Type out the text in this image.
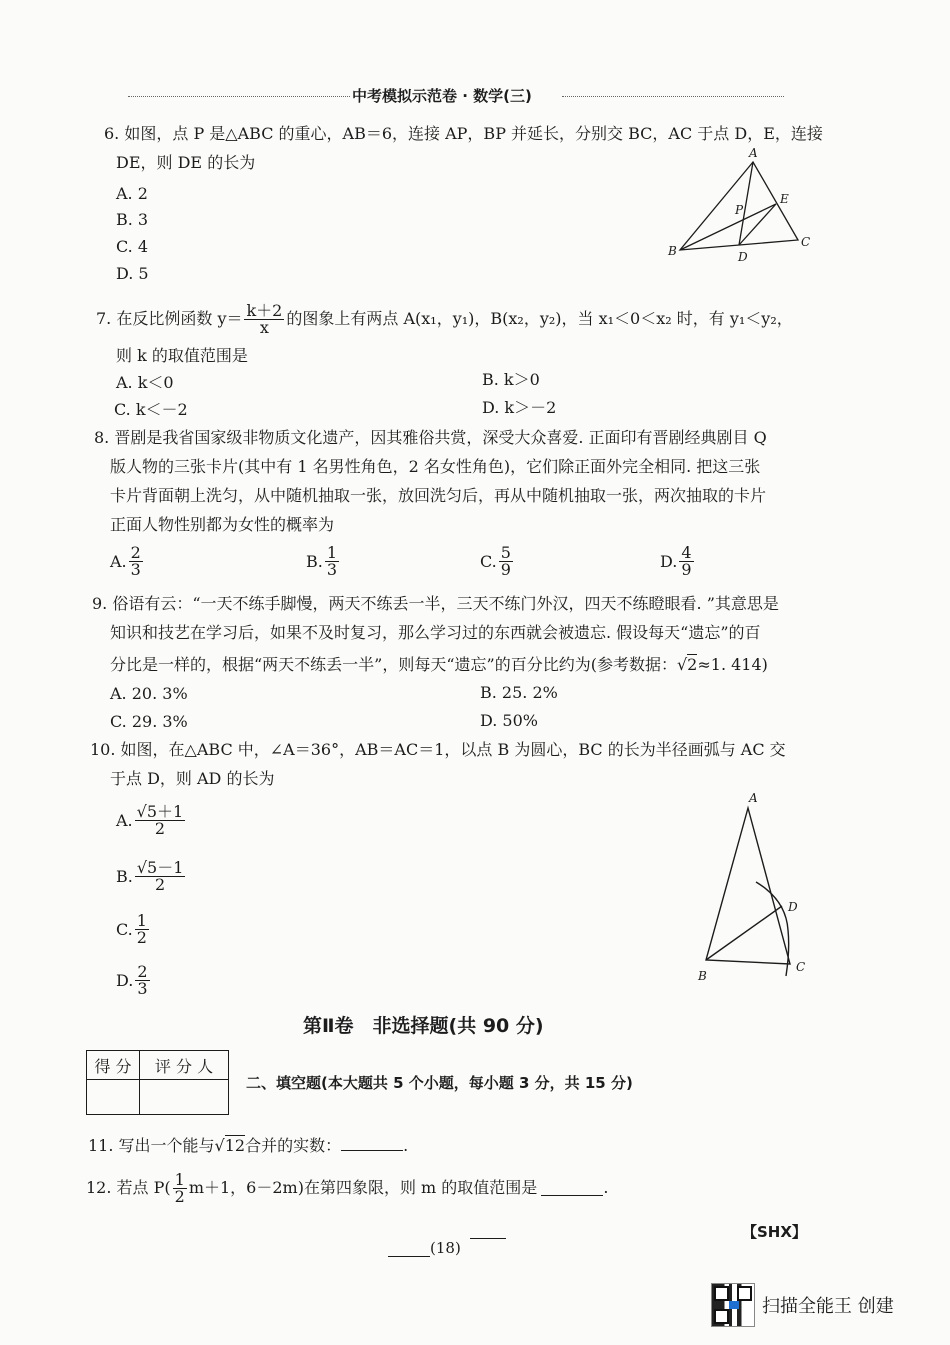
中考模拟示范卷 · 数学(三)
6. 如图，点 P 是△ABC 的重心，AB＝6，连接 AP，BP 并延长，分别交 BC，AC 于点 D，E，连接
DE，则 DE 的长为
A. 2
B. 3
C. 4
D. 5
A
P
E
B	D
C
7. 在反比例函数 $y= \frac{k+2}{x}$ 的图象上有两点 A(x₁，y₁)，B(x₂，y₂)，当 x₁＜0＜x₂ 时，有 y₁＜y₂，
则 k 的取值范围是
A. k＜0	B. k＞0
C. k＜－2	D. k＞－2
8. 晋剧是我省国家级非物质文化遗产，因其雅俗共赏，深受大众喜爱. 正面印有晋剧经典剧目 Q
版人物的三张卡片(其中有 1 名男性角色，2 名女性角色)，它们除正面外完全相同. 把这三张
卡片背面朝上洗匀，从中随机抽取一张，放回洗匀后，再从中随机抽取一张，两次抽取的卡片
正面人物性别都为女性的概率为
A. $\frac{2}{3}$	B. $\frac{1}{3}$	C. $\frac{5}{9}$	D. $\frac{4}{9}$
9. 俗语有云：“一天不练手脚慢，两天不练丢一半，三天不练门外汉，四天不练瞪眼看. ”其意思是
知识和技艺在学习后，如果不及时复习，那么学习过的东西就会被遗忘. 假设每天“遗忘”的百
分比是一样的，根据“两天不练丢一半”，则每天“遗忘”的百分比约为(参考数据：√2≈1. 414)
A. 20. 3%	B. 25. 2%
C. 29. 3%	D. 50%
10. 如图，在△ABC 中，∠A＝36°，AB＝AC＝1，以点 B 为圆心，BC 的长为半径画弧与 AC 交
于点 D，则 AD 的长为
A. $\frac{√5+1}{2}$
B. $\frac{√5-1}{2}$
C. $\frac{1}{2}$
D. $\frac{2}{3}$
A
D
B
C
第Ⅱ卷　非选择题(共 90 分)
得 分	评 分 人

二、填空题(本大题共 5 个小题，每小题 3 分，共 15 分)
11. 写出一个能与√12合并的实数：	.
12. 若点 $P( \frac{1}{2} m+1$，6－2m)在第四象限，则 m 的取值范围是	.
【SHX】
(18)
扫描全能王 创建
